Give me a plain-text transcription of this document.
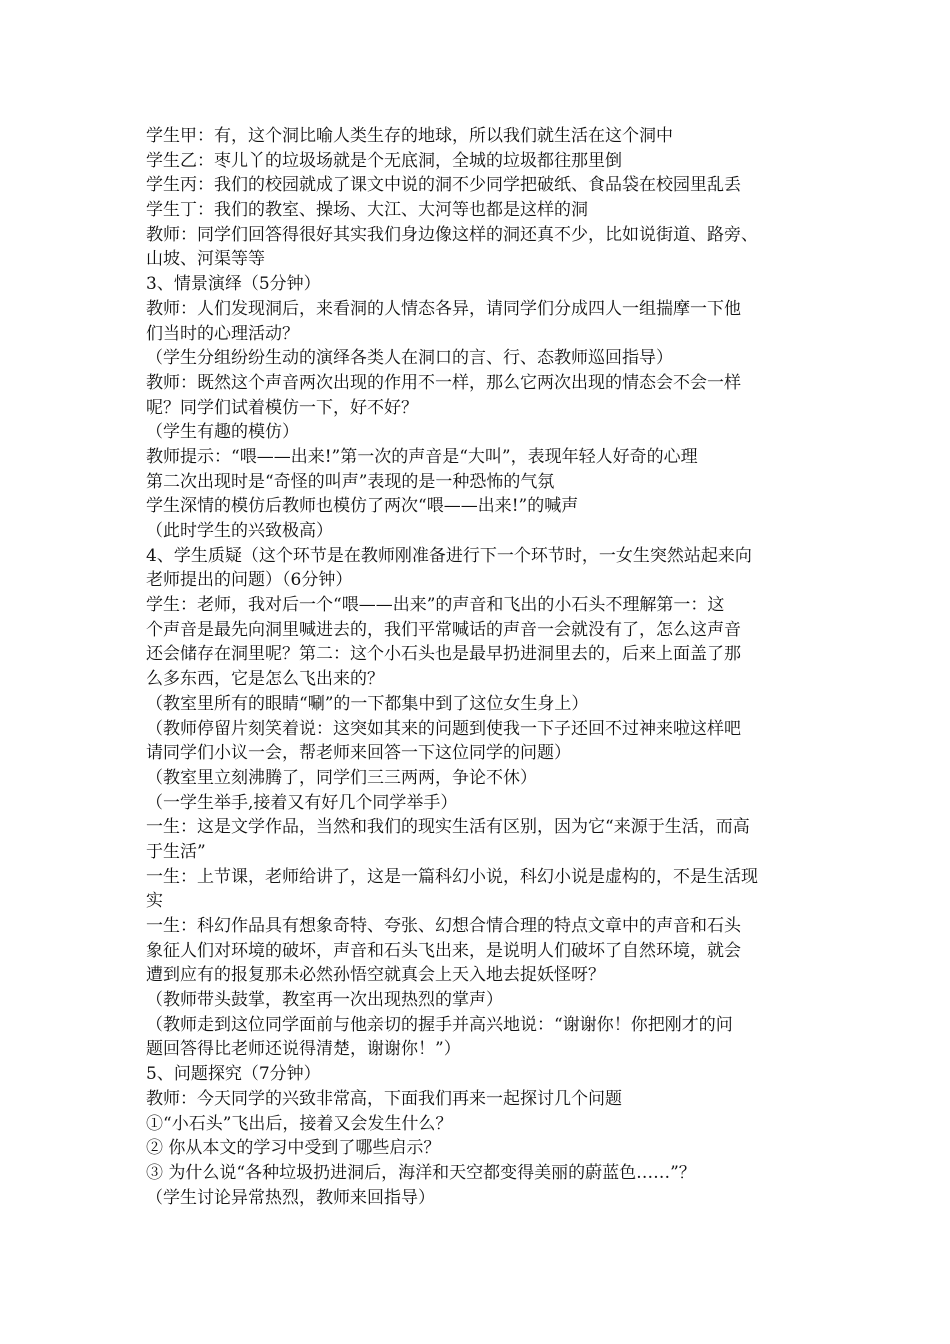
学生甲：有，这个洞比喻人类生存的地球，所以我们就生活在这个洞中
学生乙：枣儿丫的垃圾场就是个无底洞，全城的垃圾都往那里倒
学生丙：我们的校园就成了课文中说的洞不少同学把破纸、食品袋在校园里乱丢
学生丁：我们的教室、操场、大江、大河等也都是这样的洞
教师：同学们回答得很好其实我们身边像这样的洞还真不少，比如说街道、路旁、
山坡、河渠等等
3、情景演绎（5分钟）
教师：人们发现洞后，来看洞的人情态各异，请同学们分成四人一组揣摩一下他
们当时的心理活动？
（学生分组纷纷生动的演绎各类人在洞口的言、行、态教师巡回指导）
教师：既然这个声音两次出现的作用不一样，那么它两次出现的情态会不会一样
呢？同学们试着模仿一下，好不好？
（学生有趣的模仿）
教师提示：“喂——出来!”第一次的声音是“大叫”，表现年轻人好奇的心理
第二次出现时是“奇怪的叫声”表现的是一种恐怖的气氛
学生深情的模仿后教师也模仿了两次“喂——出来!”的喊声
（此时学生的兴致极高）
4、学生质疑（这个环节是在教师刚准备进行下一个环节时，一女生突然站起来向
老师提出的问题）（6分钟）
学生：老师，我对后一个“喂——出来”的声音和飞出的小石头不理解第一：这
个声音是最先向洞里喊进去的，我们平常喊话的声音一会就没有了，怎么这声音
还会储存在洞里呢？第二：这个小石头也是最早扔进洞里去的，后来上面盖了那
么多东西，它是怎么飞出来的？
（教室里所有的眼睛“唰”的一下都集中到了这位女生身上）
（教师停留片刻笑着说：这突如其来的问题到使我一下子还回不过神来啦这样吧
请同学们小议一会，帮老师来回答一下这位同学的问题）
（教室里立刻沸腾了，同学们三三两两，争论不休）
（一学生举手,接着又有好几个同学举手）
一生：这是文学作品，当然和我们的现实生活有区别，因为它“来源于生活，而高
于生活”
一生：上节课，老师给讲了，这是一篇科幻小说，科幻小说是虚构的，不是生活现
实
一生：科幻作品具有想象奇特、夸张、幻想合情合理的特点文章中的声音和石头
象征人们对环境的破坏，声音和石头飞出来，是说明人们破坏了自然环境，就会
遭到应有的报复那未必然孙悟空就真会上天入地去捉妖怪呀？
（教师带头鼓掌，教室再一次出现热烈的掌声）
（教师走到这位同学面前与他亲切的握手并高兴地说：“谢谢你！你把刚才的问
题回答得比老师还说得清楚，谢谢你！”）
5、问题探究（7分钟）
教师：今天同学的兴致非常高，下面我们再来一起探讨几个问题
①“小石头”飞出后，接着又会发生什么？
② 你从本文的学习中受到了哪些启示？
③ 为什么说“各种垃圾扔进洞后，海洋和天空都变得美丽的蔚蓝色……”？
（学生讨论异常热烈，教师来回指导）
